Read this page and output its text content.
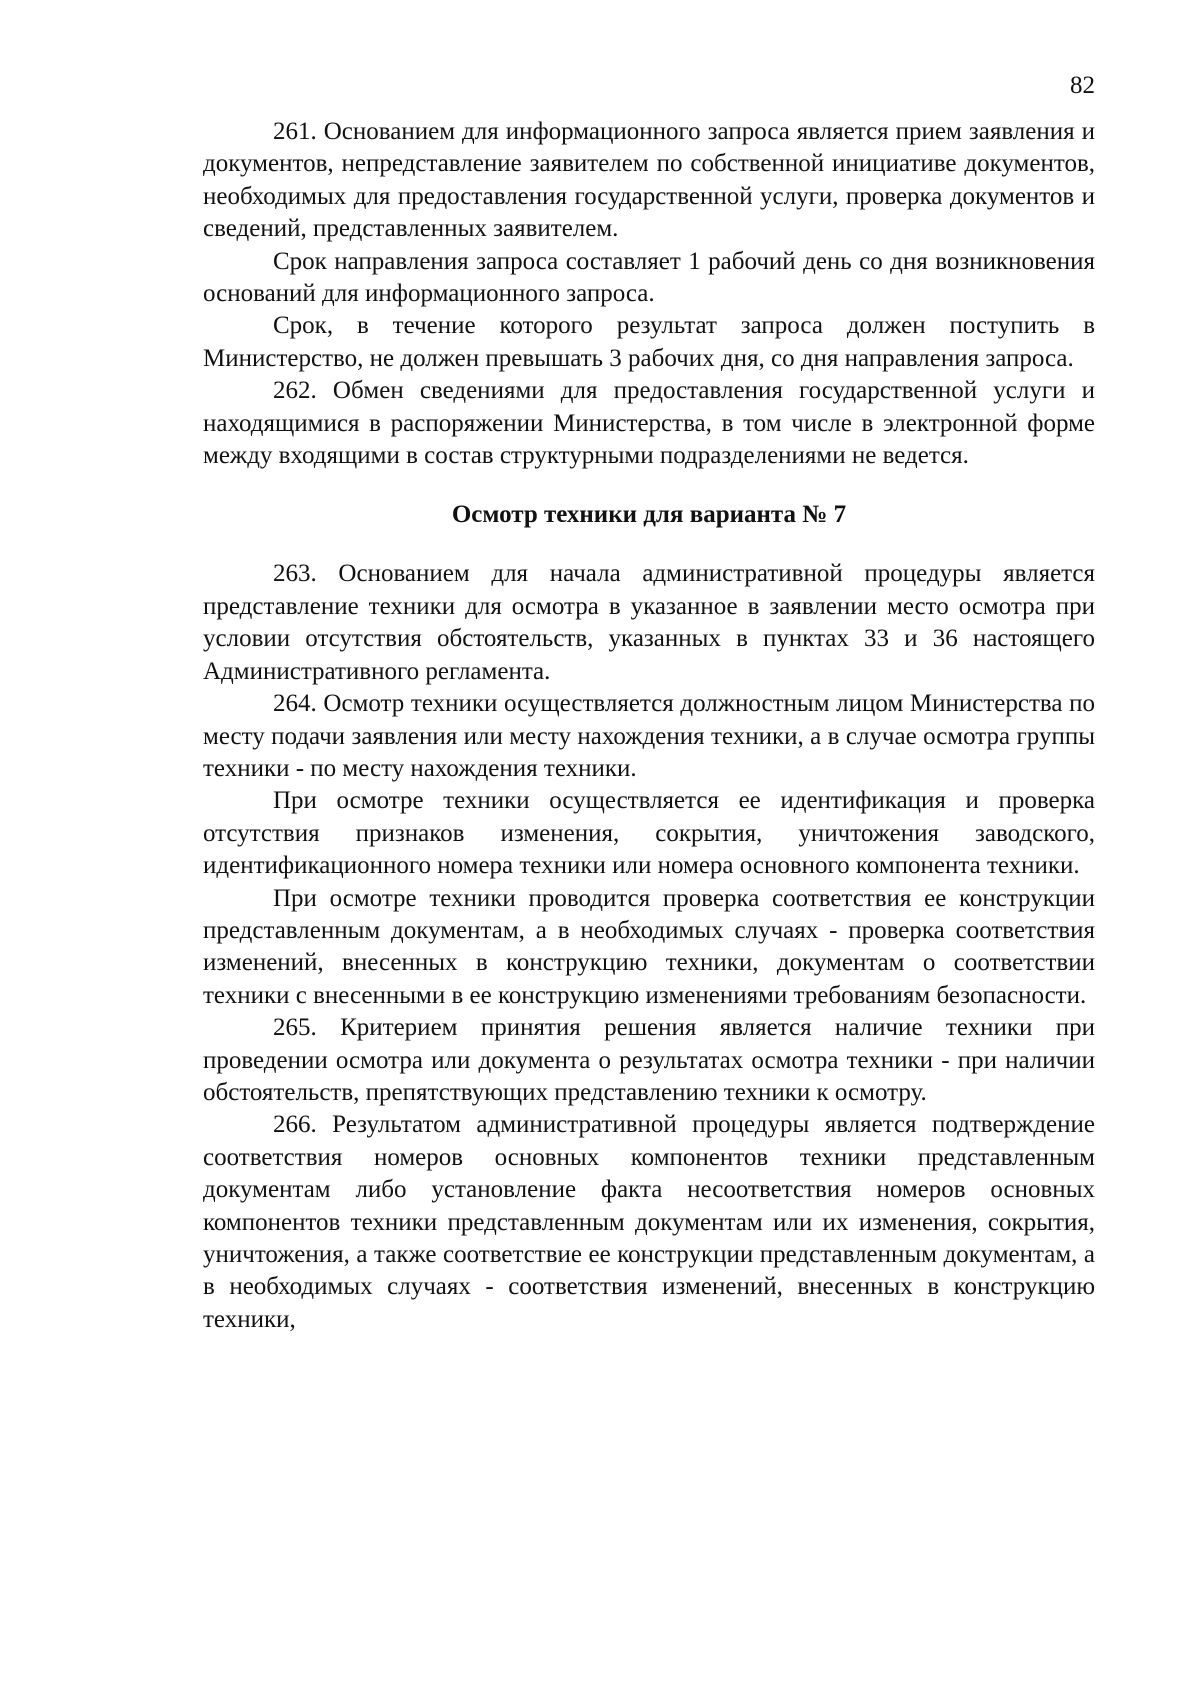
82

261. Основанием для информационного запроса является прием заявления и документов, непредставление заявителем по собственной инициативе документов, необходимых для предоставления государственной услуги, проверка документов и сведений, представленных заявителем.

Срок направления запроса составляет 1 рабочий день со дня возникновения оснований для информационного запроса.

Срок, в течение которого результат запроса должен поступить в Министерство, не должен превышать 3 рабочих дня, со дня направления запроса.

262. Обмен сведениями для предоставления государственной услуги и находящимися в распоряжении Министерства, в том числе в электронной форме между входящими в состав структурными подразделениями не ведется.

Осмотр техники для варианта № 7

263. Основанием для начала административной процедуры является представление техники для осмотра в указанное в заявлении место осмотра при условии отсутствия обстоятельств, указанных в пунктах 33 и 36 настоящего Административного регламента.

264. Осмотр техники осуществляется должностным лицом Министерства по месту подачи заявления или месту нахождения техники, а в случае осмотра группы техники - по месту нахождения техники.

При осмотре техники осуществляется ее идентификация и проверка отсутствия признаков изменения, сокрытия, уничтожения заводского, идентификационного номера техники или номера основного компонента техники.

При осмотре техники проводится проверка соответствия ее конструкции представленным документам, а в необходимых случаях - проверка соответствия изменений, внесенных в конструкцию техники, документам о соответствии техники с внесенными в ее конструкцию изменениями требованиям безопасности.

265. Критерием принятия решения является наличие техники при проведении осмотра или документа о результатах осмотра техники - при наличии обстоятельств, препятствующих представлению техники к осмотру.

266. Результатом административной процедуры является подтверждение соответствия номеров основных компонентов техники представленным документам либо установление факта несоответствия номеров основных компонентов техники представленным документам или их изменения, сокрытия, уничтожения, а также соответствие ее конструкции представленным документам, а в необходимых случаях - соответствия изменений, внесенных в конструкцию техники,
